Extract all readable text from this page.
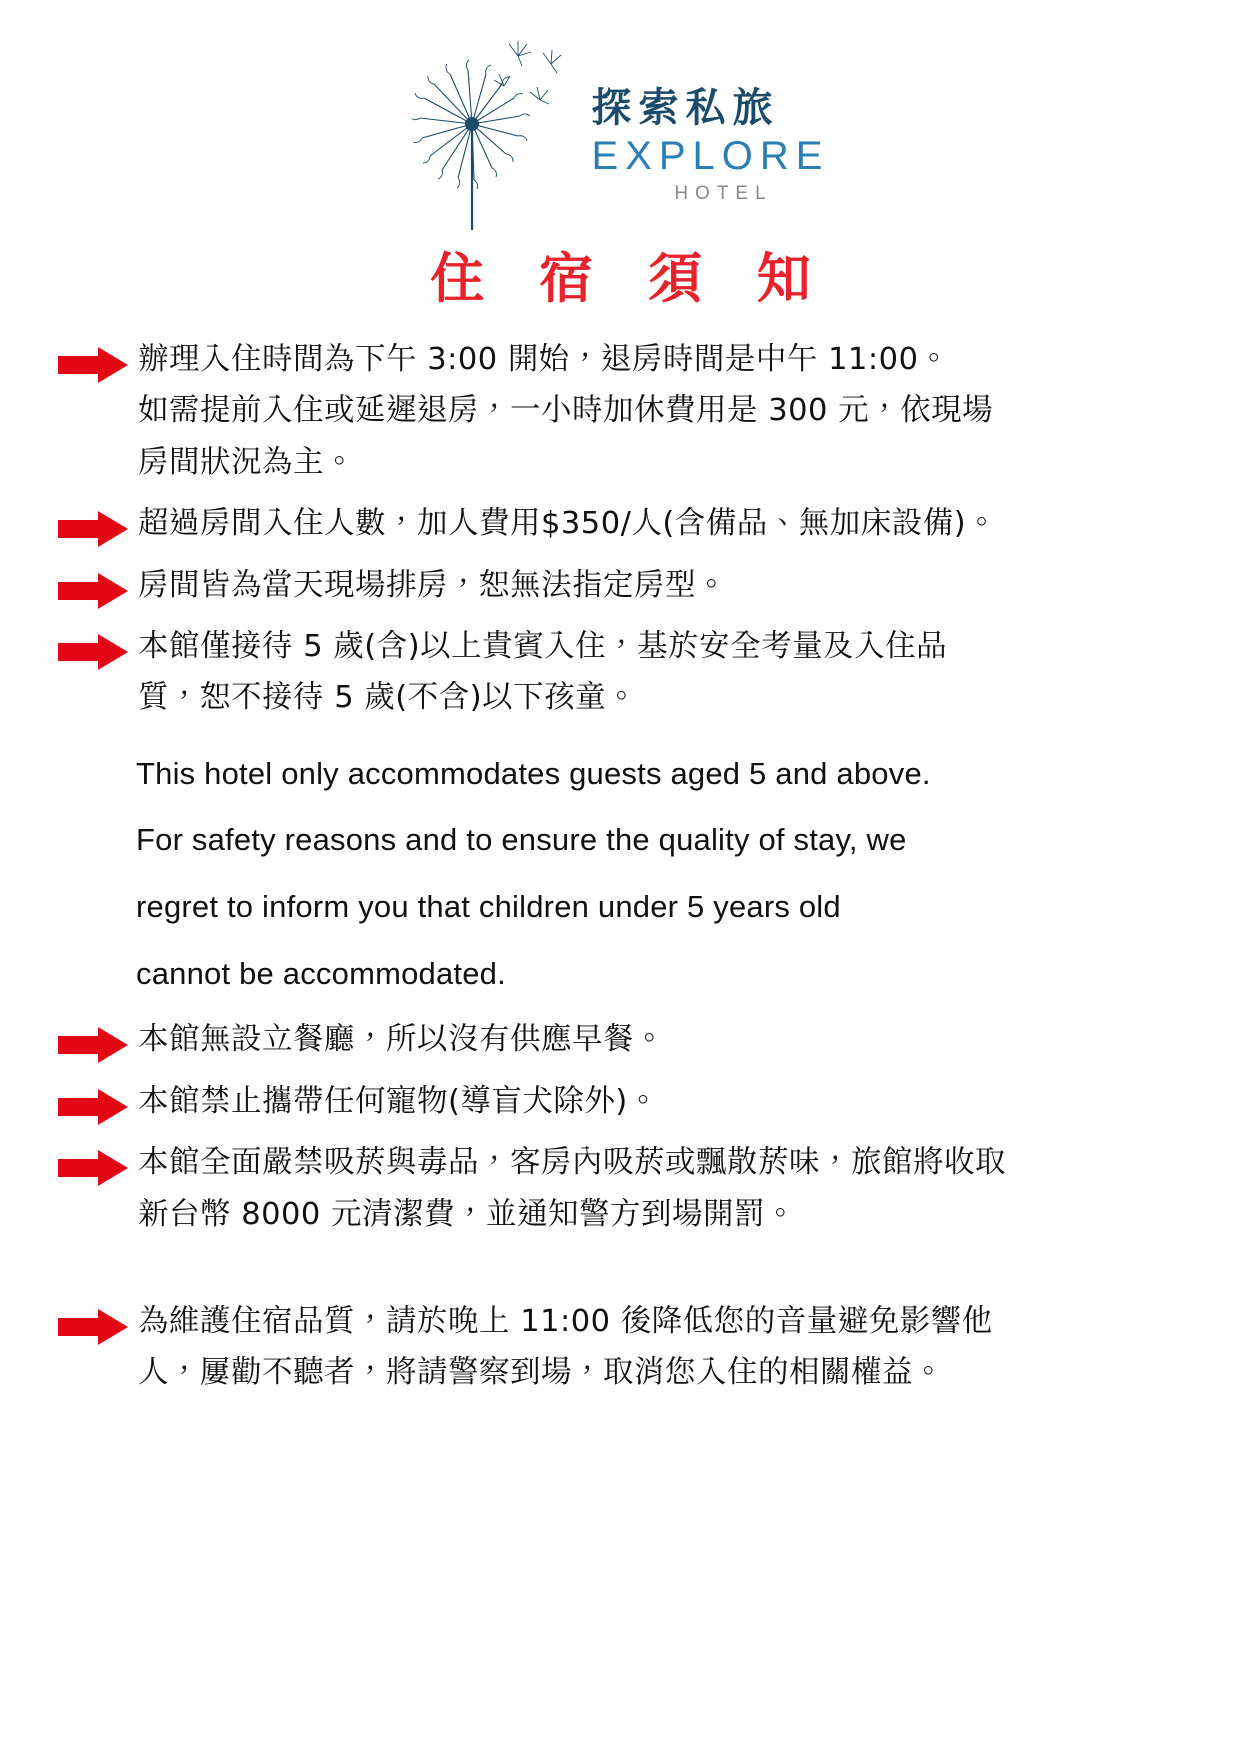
探索私旅
EXPLORE
HOTEL
住 宿 須 知
辦理入住時間為下午 3:00 開始，退房時間是中午 11:00。
如需提前入住或延遲退房，一小時加休費用是 300 元，依現場
房間狀況為主。
超過房間入住人數，加人費用$350/人(含備品、無加床設備)。
房間皆為當天現場排房，恕無法指定房型。
本館僅接待 5 歲(含)以上貴賓入住，基於安全考量及入住品
質，恕不接待 5 歲(不含)以下孩童。
This hotel only accommodates guests aged 5 and above.
For safety reasons and to ensure the quality of stay, we
regret to inform you that children under 5 years old
cannot be accommodated.
本館無設立餐廳，所以沒有供應早餐。
本館禁止攜帶任何寵物(導盲犬除外)。
本館全面嚴禁吸菸與毒品，客房內吸菸或飄散菸味，旅館將收取
新台幣 8000 元清潔費，並通知警方到場開罰。
為維護住宿品質，請於晚上 11:00 後降低您的音量避免影響他
人，屢勸不聽者，將請警察到場，取消您入住的相關權益。
